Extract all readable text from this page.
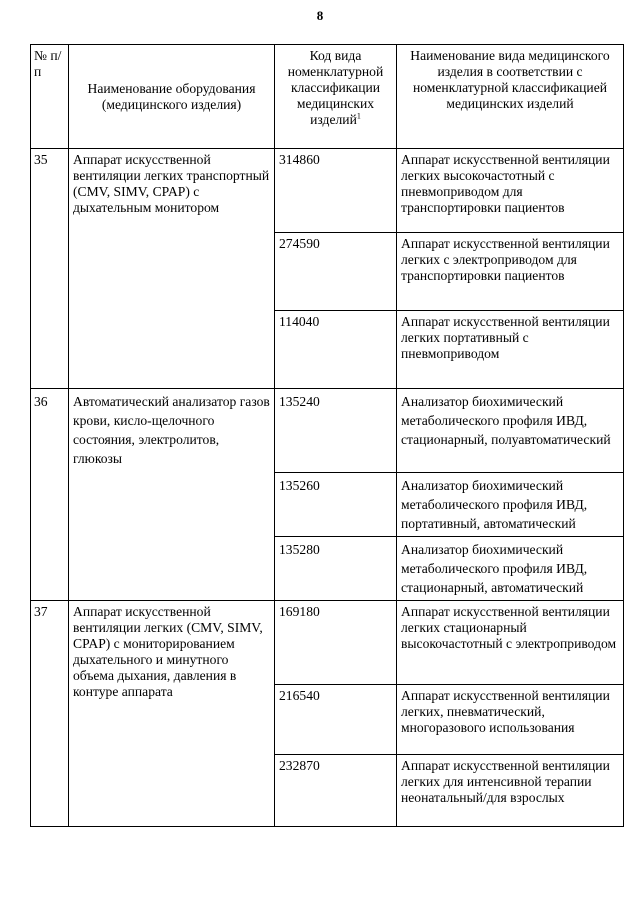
8
№ п/п	Наименование оборудования (медицинского изделия)	Код вида номенклатурной классификации медицинских изделий$^1$	Наименование вида медицинского изделия в соответствии с номенклатурной классификацией медицинских изделий
35	Аппарат искусственной вентиляции легких транспортный (CMV, SIMV, CPAP) с дыхательным монитором	314860	Аппарат искусственной вентиляции легких высокочастотный с пневмоприводом для транспортировки пациентов
		274590	Аппарат искусственной вентиляции легких с электроприводом для транспортировки пациентов
		114040	Аппарат искусственной вентиляции легких портативный с пневмоприводом
36	Автоматический анализатор газов крови, кисло-щелочного состояния, электролитов, глюкозы	135240	Анализатор биохимический метаболического профиля ИВД, стационарный, полуавтоматический
		135260	Анализатор биохимический метаболического профиля ИВД, портативный, автоматический
		135280	Анализатор биохимический метаболического профиля ИВД, стационарный, автоматический
37	Аппарат искусственной вентиляции легких (CMV, SIMV, CPAP) с мониторированием дыхательного и минутного объема дыхания, давления в контуре аппарата	169180	Аппарат искусственной вентиляции легких стационарный высокочастотный с электроприводом
		216540	Аппарат искусственной вентиляции легких, пневматический, многоразового использования
		232870	Аппарат искусственной вентиляции легких для интенсивной терапии неонатальный/для взрослых
